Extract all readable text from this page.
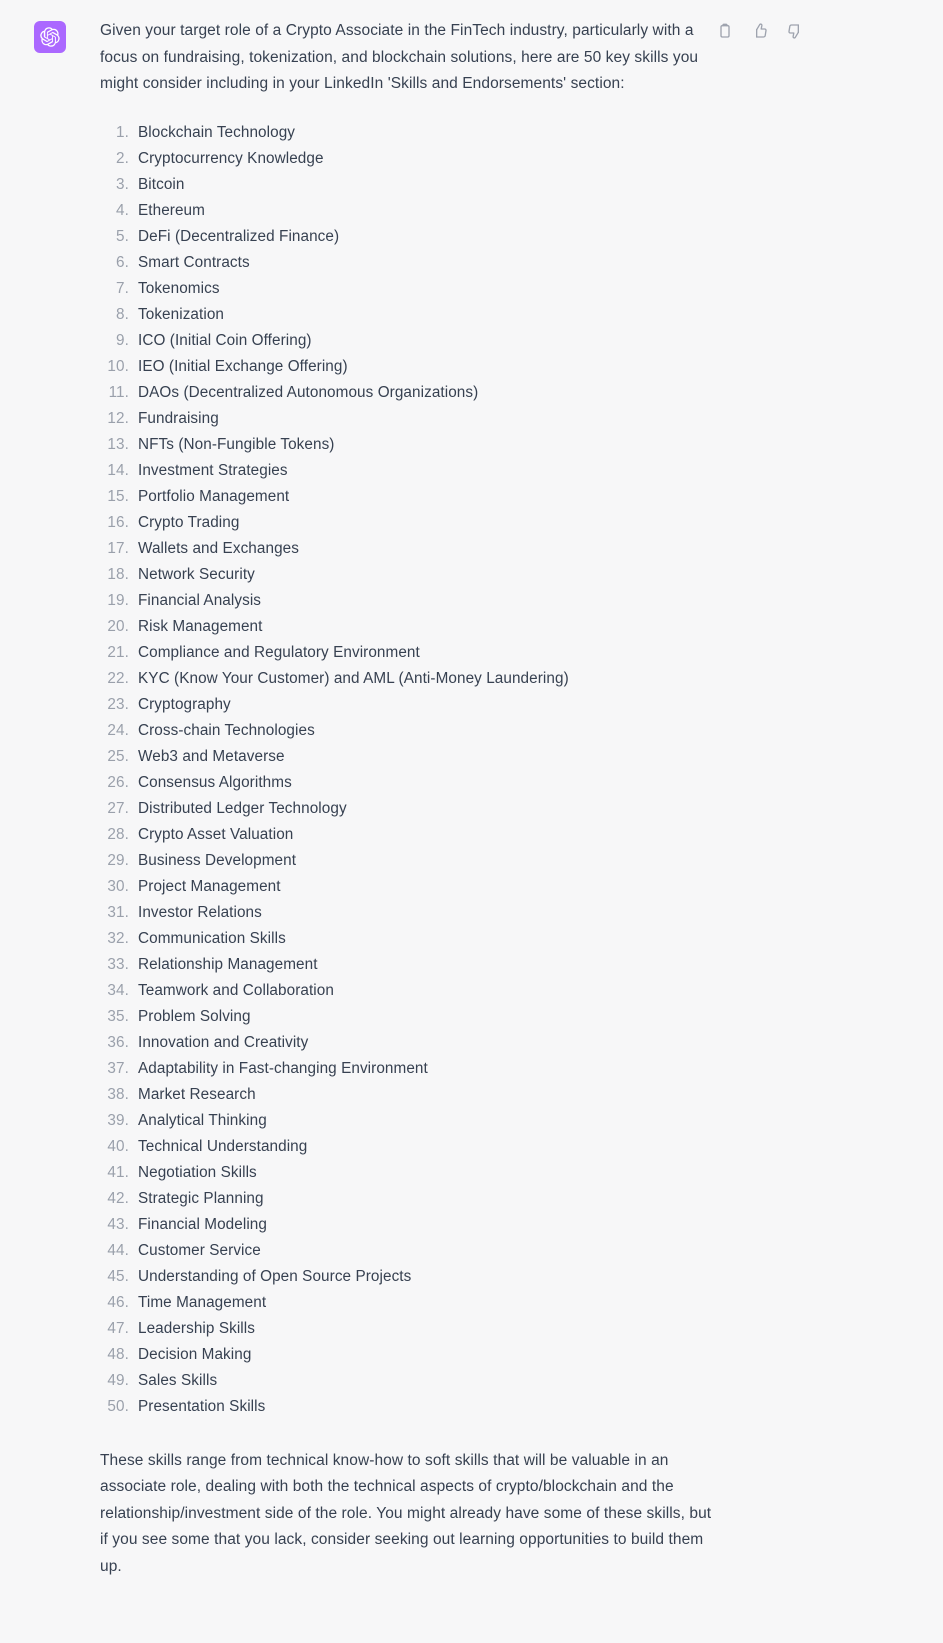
Given your target role of a Crypto Associate in the FinTech industry, particularly with a focus on fundraising, tokenization, and blockchain solutions, here are 50 key skills you might consider including in your LinkedIn 'Skills and Endorsements' section:

1. Blockchain Technology
2. Cryptocurrency Knowledge
3. Bitcoin
4. Ethereum
5. DeFi (Decentralized Finance)
6. Smart Contracts
7. Tokenomics
8. Tokenization
9. ICO (Initial Coin Offering)
10. IEO (Initial Exchange Offering)
11. DAOs (Decentralized Autonomous Organizations)
12. Fundraising
13. NFTs (Non-Fungible Tokens)
14. Investment Strategies
15. Portfolio Management
16. Crypto Trading
17. Wallets and Exchanges
18. Network Security
19. Financial Analysis
20. Risk Management
21. Compliance and Regulatory Environment
22. KYC (Know Your Customer) and AML (Anti-Money Laundering)
23. Cryptography
24. Cross-chain Technologies
25. Web3 and Metaverse
26. Consensus Algorithms
27. Distributed Ledger Technology
28. Crypto Asset Valuation
29. Business Development
30. Project Management
31. Investor Relations
32. Communication Skills
33. Relationship Management
34. Teamwork and Collaboration
35. Problem Solving
36. Innovation and Creativity
37. Adaptability in Fast-changing Environment
38. Market Research
39. Analytical Thinking
40. Technical Understanding
41. Negotiation Skills
42. Strategic Planning
43. Financial Modeling
44. Customer Service
45. Understanding of Open Source Projects
46. Time Management
47. Leadership Skills
48. Decision Making
49. Sales Skills
50. Presentation Skills

These skills range from technical know-how to soft skills that will be valuable in an associate role, dealing with both the technical aspects of crypto/blockchain and the relationship/investment side of the role. You might already have some of these skills, but if you see some that you lack, consider seeking out learning opportunities to build them up.
